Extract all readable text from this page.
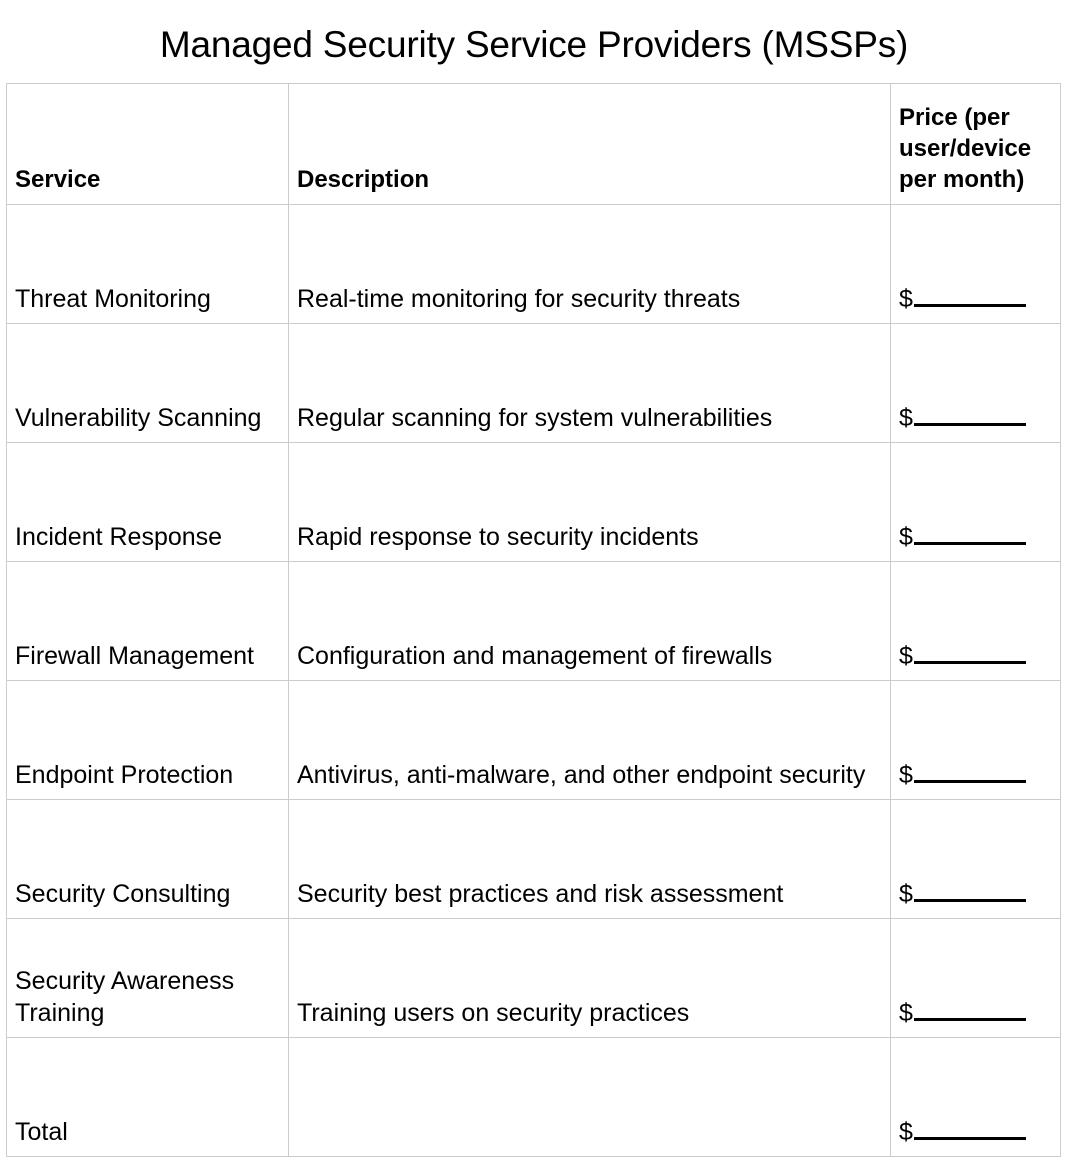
Managed Security Service Providers (MSSPs)
Service	Description	Price (per user/device per month)
Threat Monitoring	Real-time monitoring for security threats	$
Vulnerability Scanning	Regular scanning for system vulnerabilities	$
Incident Response	Rapid response to security incidents	$
Firewall Management	Configuration and management of firewalls	$
Endpoint Protection	Antivirus, anti-malware, and other endpoint security	$
Security Consulting	Security best practices and risk assessment	$
Security Awareness Training	Training users on security practices	$
Total		$
